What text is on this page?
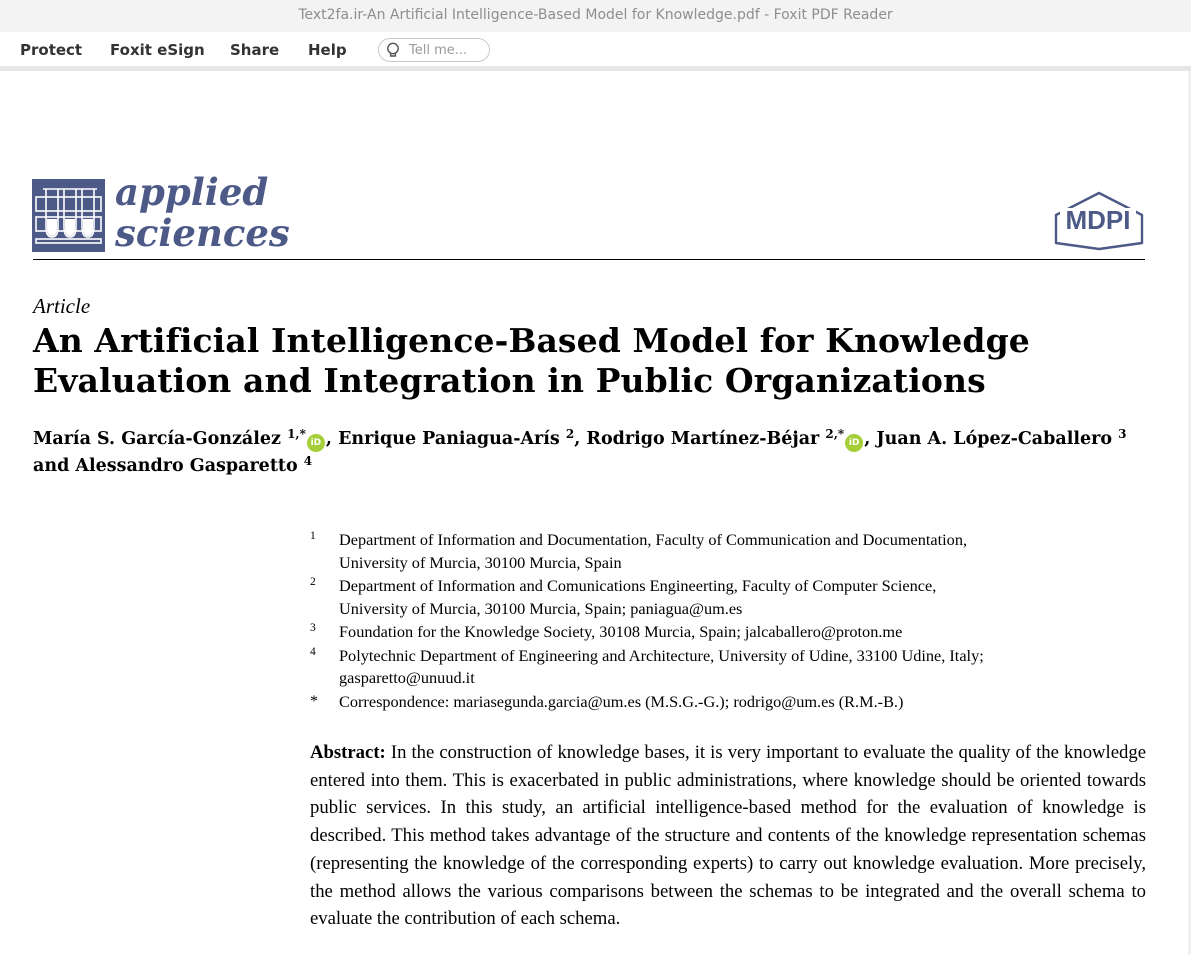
Text2fa.ir-An Artificial Intelligence-Based Model for Knowledge.pdf - Foxit PDF Reader
Protect Foxit eSign Share Help
Tell me...
applied
sciences	MDPI
Article
An Artificial Intelligence-Based Model for Knowledge
Evaluation and Integration in Public Organizations
María S. García-González $^{1,*}$iD , Enrique Paniagua-Arís $^2$, Rodrigo Martínez-Béjar $^{2,*}$iD , Juan A. López-Caballero $^3$
and Alessandro Gasparetto $^4$
1 Department of Information and Documentation, Faculty of Communication and Documentation,
University of Murcia, 30100 Murcia, Spain
2 Department of Information and Comunications Engineerting, Faculty of Computer Science,
University of Murcia, 30100 Murcia, Spain; paniagua@um.es
3 Foundation for the Knowledge Society, 30108 Murcia, Spain; jalcaballero@proton.me
4 Polytechnic Department of Engineering and Architecture, University of Udine, 33100 Udine, Italy;
gasparetto@unuud.it
* Correspondence: mariasegunda.garcia@um.es (M.S.G.-G.); rodrigo@um.es (R.M.-B.)

Abstract: In the construction of knowledge bases, it is very important to evaluate the quality of the knowledge entered into them. This is exacerbated in public administrations, where knowledge should be oriented towards public services. In this study, an artificial intelligence-based method for the evaluation of knowledge is described. This method takes advantage of the structure and contents of the knowledge representation schemas (representing the knowledge of the corresponding experts) to carry out knowledge evaluation. More precisely, the method allows the various comparisons between the schemas to be integrated and the overall schema to evaluate the contribution of each schema.
